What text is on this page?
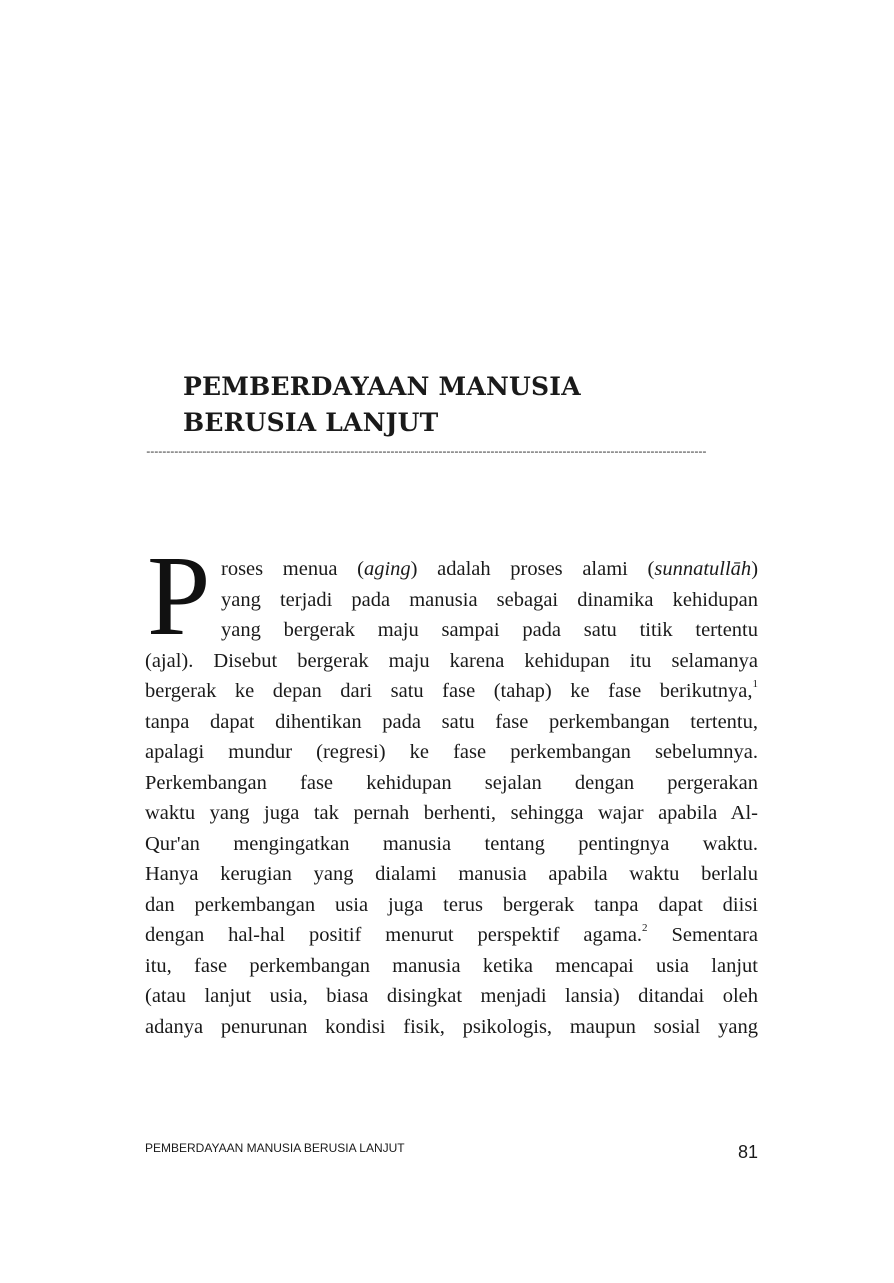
PEMBERDAYAAN MANUSIA
BERUSIA LANJUT
--------------------------------------------------------------------------------------------------------------------------------------------
P roses menua (aging) adalah proses alami (sunnatullāh)
yang terjadi pada manusia sebagai dinamika kehidupan
yang bergerak maju sampai pada satu titik tertentu
(ajal). Disebut bergerak maju karena kehidupan itu selamanya
bergerak ke depan dari satu fase (tahap) ke fase berikutnya,$^1$
tanpa dapat dihentikan pada satu fase perkembangan tertentu,
apalagi mundur (regresi) ke fase perkembangan sebelumnya.
Perkembangan fase kehidupan sejalan dengan pergerakan
waktu yang juga tak pernah berhenti, sehingga wajar apabila Al-
Qur'an mengingatkan manusia tentang pentingnya waktu.
Hanya kerugian yang dialami manusia apabila waktu berlalu
dan perkembangan usia juga terus bergerak tanpa dapat diisi
dengan hal-hal positif menurut perspektif agama.$^2$ Sementara
itu, fase perkembangan manusia ketika mencapai usia lanjut
(atau lanjut usia, biasa disingkat menjadi lansia) ditandai oleh
adanya penurunan kondisi fisik, psikologis, maupun sosial yang

PEMBERDAYAAN MANUSIA BERUSIA LANJUT	81
